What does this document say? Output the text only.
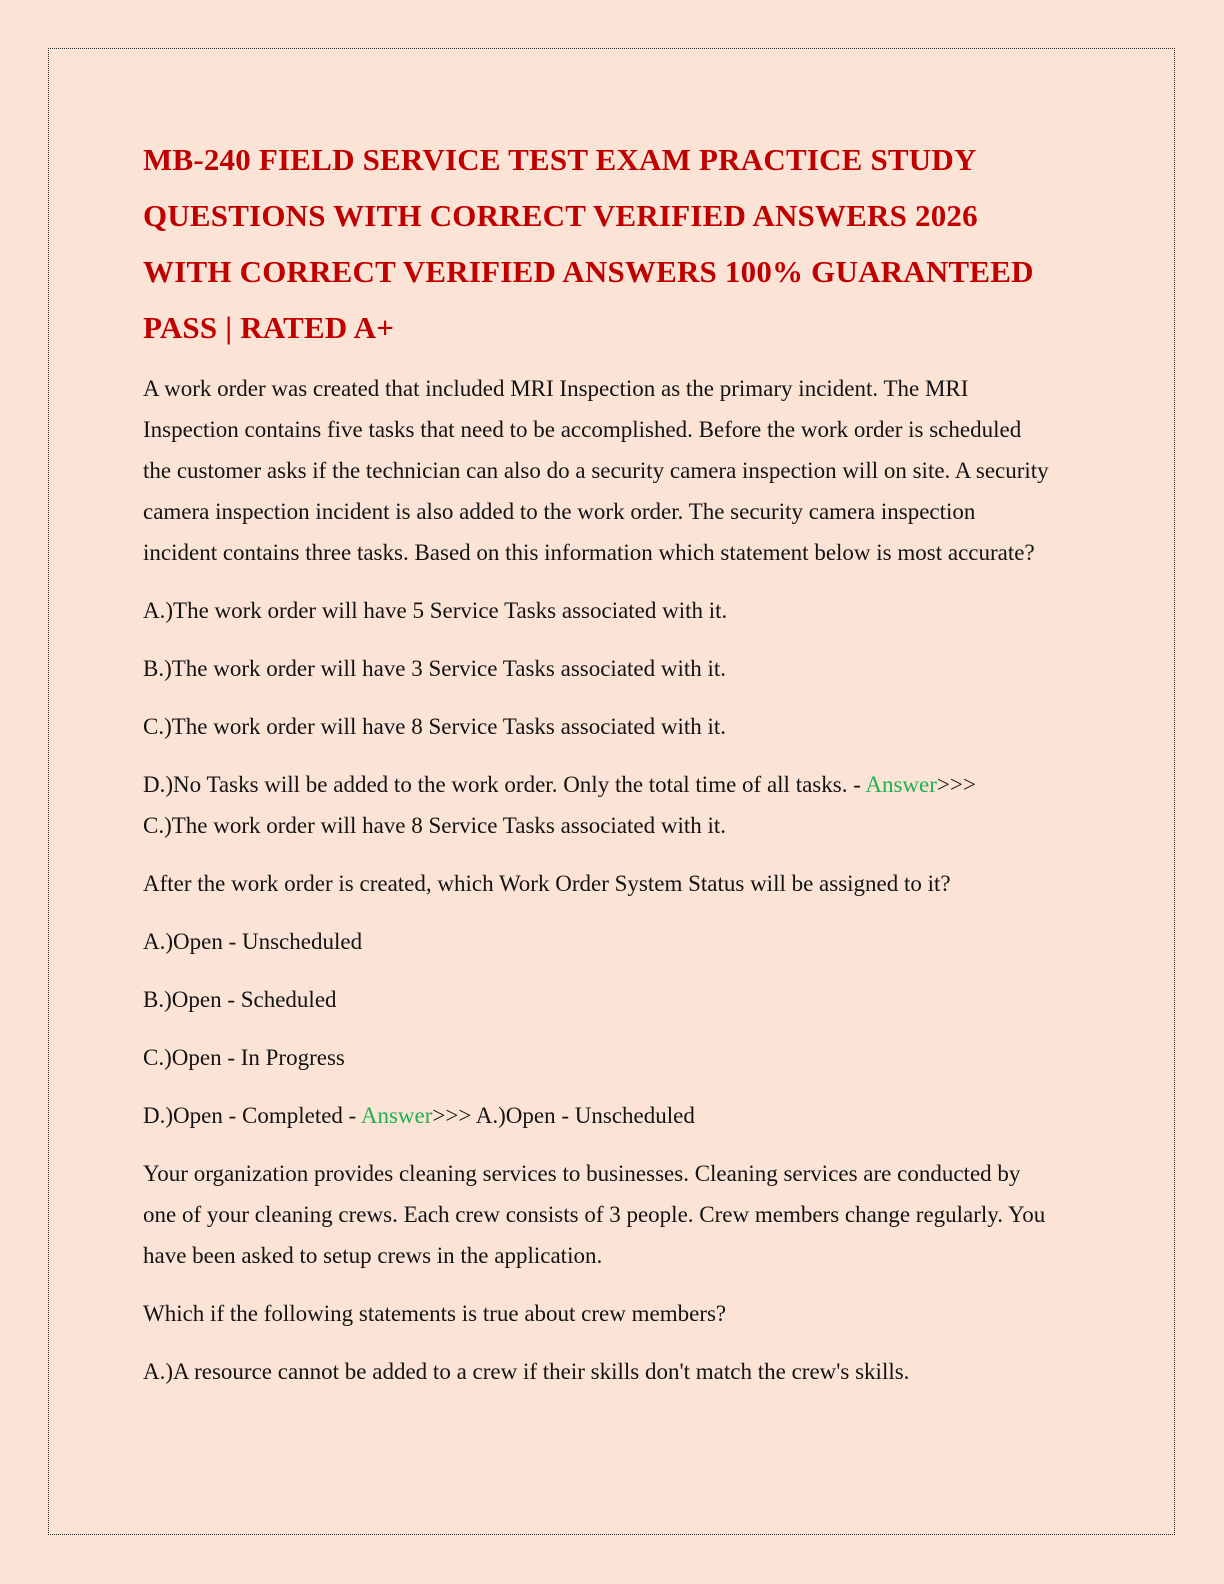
MB-240 FIELD SERVICE TEST EXAM PRACTICE STUDY
QUESTIONS WITH CORRECT VERIFIED ANSWERS 2026
WITH CORRECT VERIFIED ANSWERS 100% GUARANTEED
PASS | RATED A+

A work order was created that included MRI Inspection as the primary incident. The MRI Inspection contains five tasks that need to be accomplished. Before the work order is scheduled the customer asks if the technician can also do a security camera inspection will on site. A security camera inspection incident is also added to the work order. The security camera inspection incident contains three tasks. Based on this information which statement below is most accurate?

A.)The work order will have 5 Service Tasks associated with it.

B.)The work order will have 3 Service Tasks associated with it.

C.)The work order will have 8 Service Tasks associated with it.

D.)No Tasks will be added to the work order. Only the total time of all tasks. - Answer>>>
C.)The work order will have 8 Service Tasks associated with it.

After the work order is created, which Work Order System Status will be assigned to it?

A.)Open - Unscheduled

B.)Open - Scheduled

C.)Open - In Progress

D.)Open - Completed - Answer>>> A.)Open - Unscheduled

Your organization provides cleaning services to businesses. Cleaning services are conducted by one of your cleaning crews. Each crew consists of 3 people. Crew members change regularly. You have been asked to setup crews in the application.

Which if the following statements is true about crew members?

A.)A resource cannot be added to a crew if their skills don't match the crew's skills.
